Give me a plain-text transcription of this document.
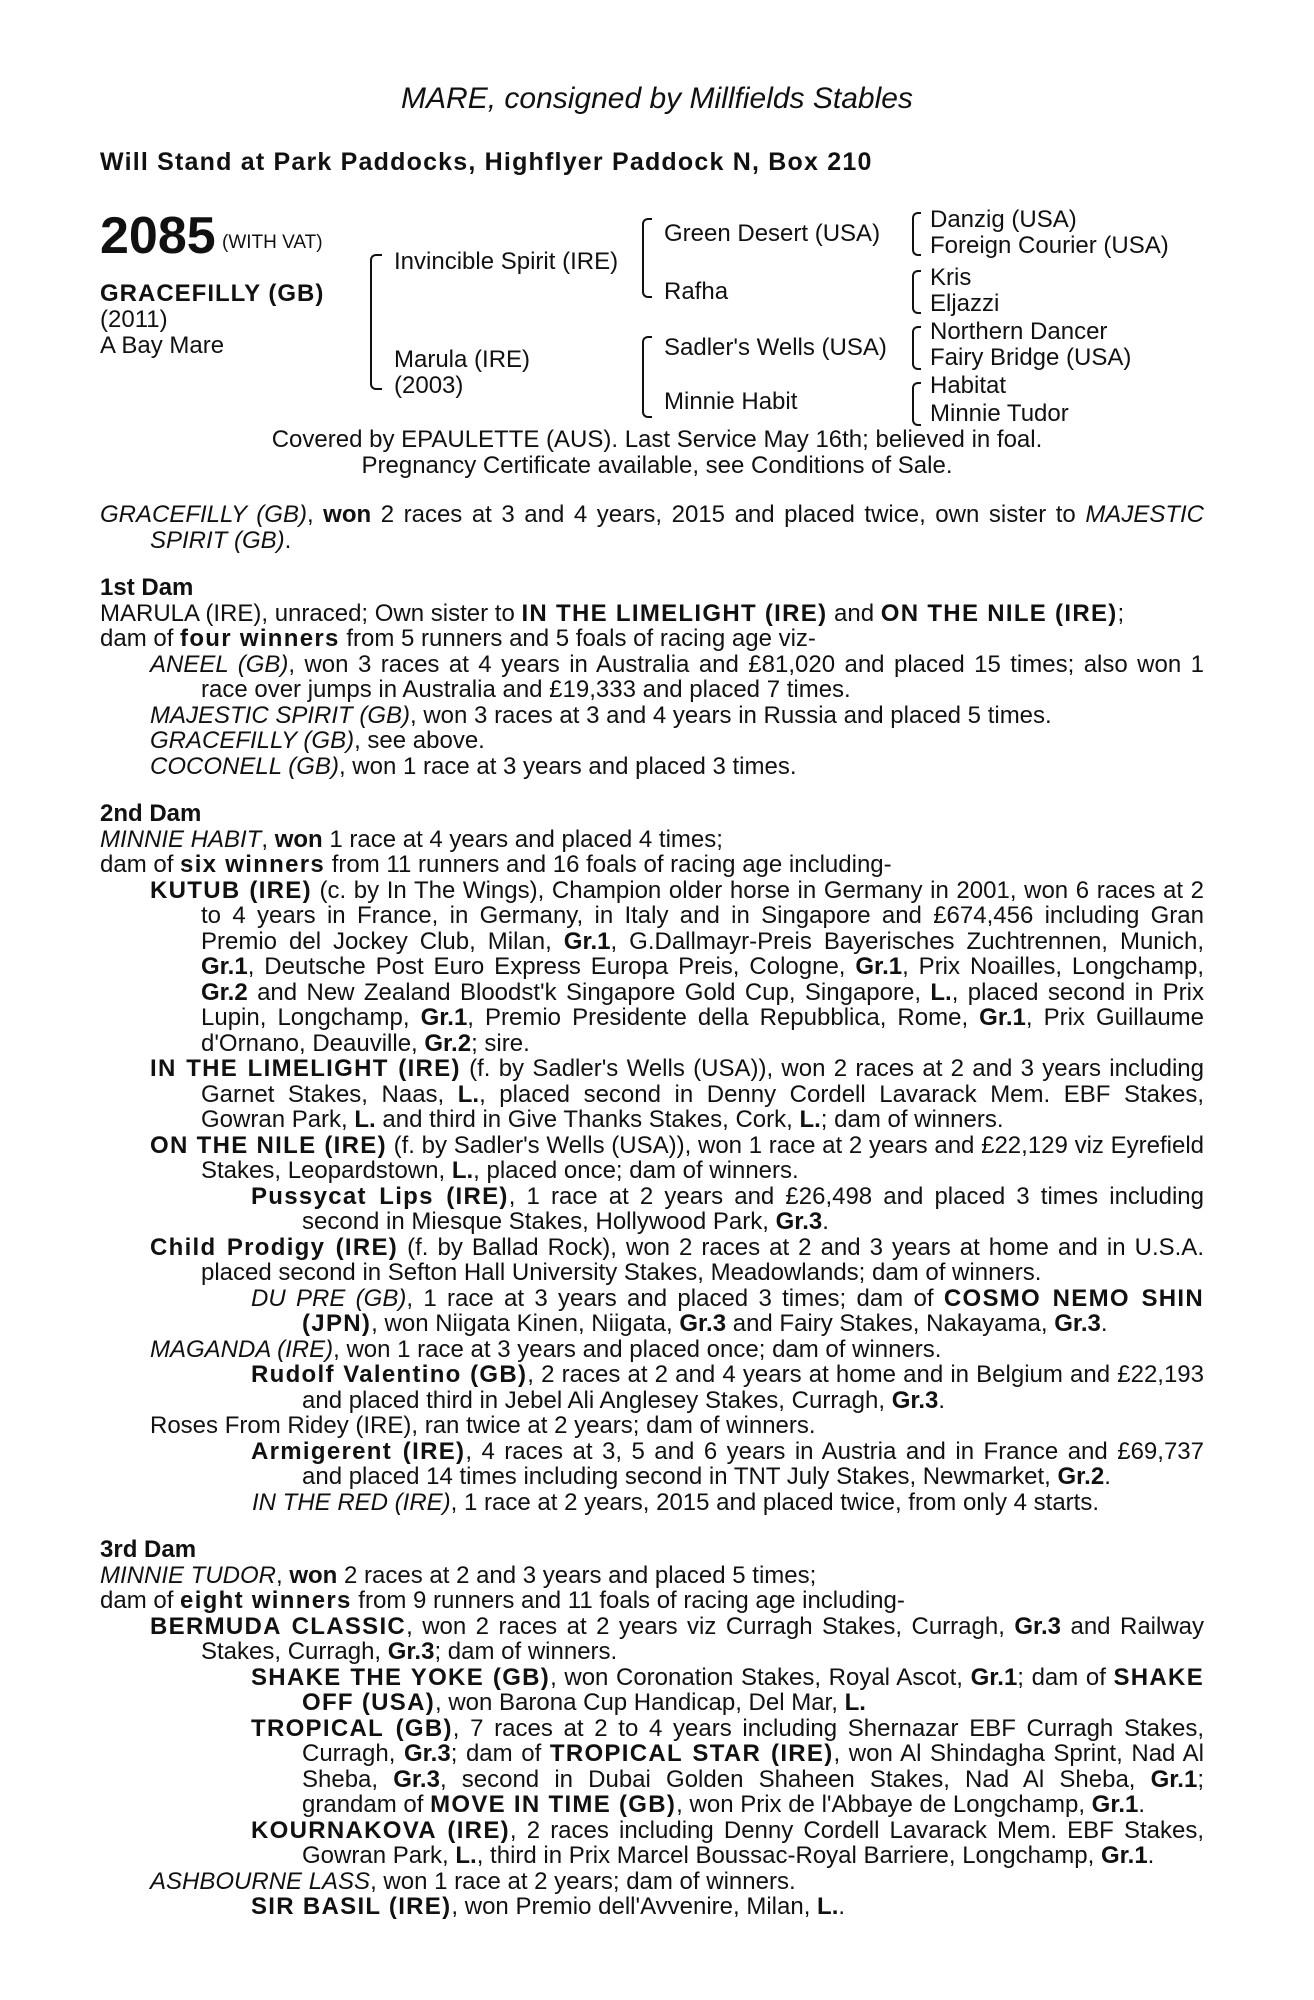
MARE, consigned by Millfields Stables
Will Stand at Park Paddocks, Highflyer Paddock N, Box 210
2085 (WITH VAT)
GRACEFILLY (GB)
(2011)
A Bay Mare
Invincible Spirit (IRE)
Marula (IRE)
(2003)
Green Desert (USA)
Rafha
Sadler's Wells (USA)
Minnie Habit
Danzig (USA)
Foreign Courier (USA)
Kris
Eljazzi
Northern Dancer
Fairy Bridge (USA)
Habitat
Minnie Tudor
Covered by EPAULETTE (AUS). Last Service May 16th; believed in foal.
Pregnancy Certificate available, see Conditions of Sale.

GRACEFILLY (GB), won 2 races at 3 and 4 years, 2015 and placed twice, own sister to MAJESTIC SPIRIT (GB).

1st Dam

MARULA (IRE), unraced; Own sister to IN THE LIMELIGHT (IRE) and ON THE NILE (IRE);

dam of four winners from 5 runners and 5 foals of racing age viz-

ANEEL (GB), won 3 races at 4 years in Australia and £81,020 and placed 15 times; also won 1 race over jumps in Australia and £19,333 and placed 7 times.

MAJESTIC SPIRIT (GB), won 3 races at 3 and 4 years in Russia and placed 5 times.

GRACEFILLY (GB), see above.

COCONELL (GB), won 1 race at 3 years and placed 3 times.

2nd Dam

MINNIE HABIT, won 1 race at 4 years and placed 4 times;

dam of six winners from 11 runners and 16 foals of racing age including-

KUTUB (IRE) (c. by In The Wings), Champion older horse in Germany in 2001, won 6 races at 2 to 4 years in France, in Germany, in Italy and in Singapore and £674,456 including Gran Premio del Jockey Club, Milan, Gr.1, G.Dallmayr-Preis Bayerisches Zuchtrennen, Munich, Gr.1, Deutsche Post Euro Express Europa Preis, Cologne, Gr.1, Prix Noailles, Longchamp, Gr.2 and New Zealand Bloodst'k Singapore Gold Cup, Singapore, L., placed second in Prix Lupin, Longchamp, Gr.1, Premio Presidente della Repubblica, Rome, Gr.1, Prix Guillaume d'Ornano, Deauville, Gr.2; sire.

IN THE LIMELIGHT (IRE) (f. by Sadler's Wells (USA)), won 2 races at 2 and 3 years including Garnet Stakes, Naas, L., placed second in Denny Cordell Lavarack Mem. EBF Stakes, Gowran Park, L. and third in Give Thanks Stakes, Cork, L.; dam of winners.

ON THE NILE (IRE) (f. by Sadler's Wells (USA)), won 1 race at 2 years and £22,129 viz Eyrefield Stakes, Leopardstown, L., placed once; dam of winners.

Pussycat Lips (IRE), 1 race at 2 years and £26,498 and placed 3 times including second in Miesque Stakes, Hollywood Park, Gr.3.

Child Prodigy (IRE) (f. by Ballad Rock), won 2 races at 2 and 3 years at home and in U.S.A. placed second in Sefton Hall University Stakes, Meadowlands; dam of winners.

DU PRE (GB), 1 race at 3 years and placed 3 times; dam of COSMO NEMO SHIN (JPN), won Niigata Kinen, Niigata, Gr.3 and Fairy Stakes, Nakayama, Gr.3.

MAGANDA (IRE), won 1 race at 3 years and placed once; dam of winners.

Rudolf Valentino (GB), 2 races at 2 and 4 years at home and in Belgium and £22,193 and placed third in Jebel Ali Anglesey Stakes, Curragh, Gr.3.

Roses From Ridey (IRE), ran twice at 2 years; dam of winners.

Armigerent (IRE), 4 races at 3, 5 and 6 years in Austria and in France and £69,737 and placed 14 times including second in TNT July Stakes, Newmarket, Gr.2.

IN THE RED (IRE), 1 race at 2 years, 2015 and placed twice, from only 4 starts.

3rd Dam

MINNIE TUDOR, won 2 races at 2 and 3 years and placed 5 times;

dam of eight winners from 9 runners and 11 foals of racing age including-

BERMUDA CLASSIC, won 2 races at 2 years viz Curragh Stakes, Curragh, Gr.3 and Railway Stakes, Curragh, Gr.3; dam of winners.

SHAKE THE YOKE (GB), won Coronation Stakes, Royal Ascot, Gr.1; dam of SHAKE OFF (USA), won Barona Cup Handicap, Del Mar, L.

TROPICAL (GB), 7 races at 2 to 4 years including Shernazar EBF Curragh Stakes, Curragh, Gr.3; dam of TROPICAL STAR (IRE), won Al Shindagha Sprint, Nad Al Sheba, Gr.3, second in Dubai Golden Shaheen Stakes, Nad Al Sheba, Gr.1; grandam of MOVE IN TIME (GB), won Prix de l'Abbaye de Longchamp, Gr.1.

KOURNAKOVA (IRE), 2 races including Denny Cordell Lavarack Mem. EBF Stakes, Gowran Park, L., third in Prix Marcel Boussac-Royal Barriere, Longchamp, Gr.1.

ASHBOURNE LASS, won 1 race at 2 years; dam of winners.

SIR BASIL (IRE), won Premio dell'Avvenire, Milan, L..
